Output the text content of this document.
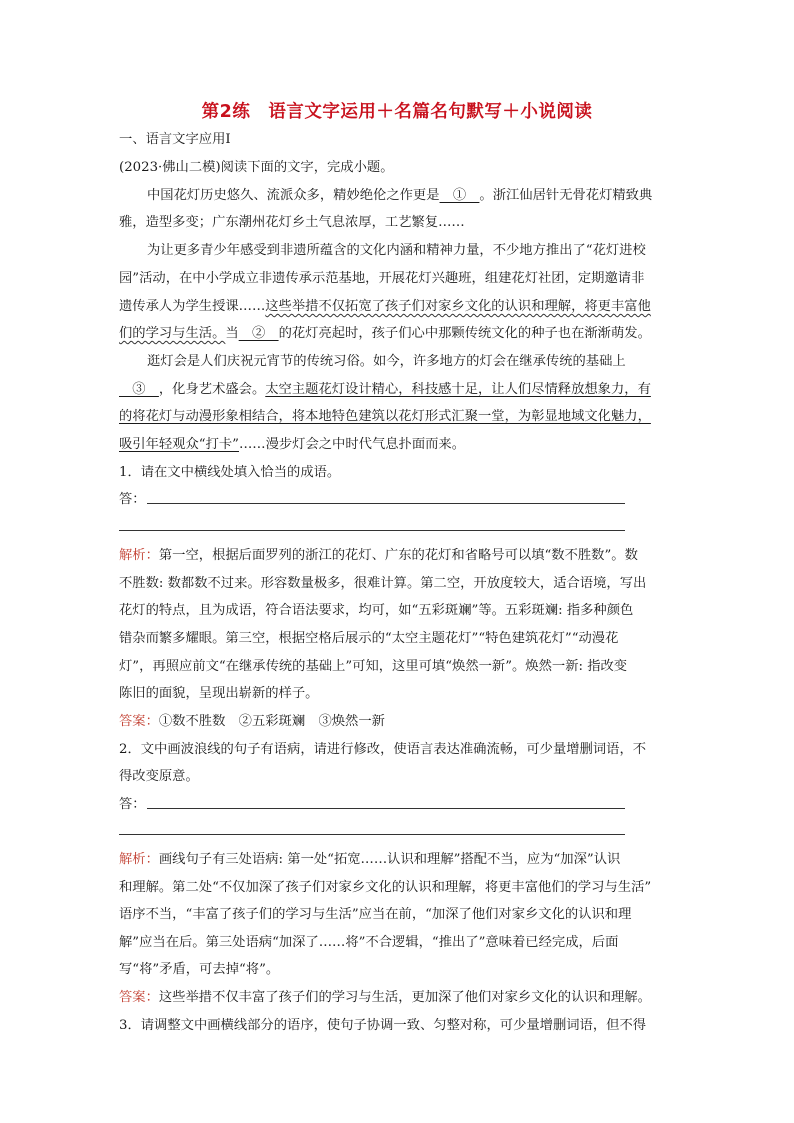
第2练　语言文字运用＋名篇名句默写＋小说阅读
一、语言文字应用Ⅰ
(2023·佛山二模)阅读下面的文字，完成小题。
中国花灯历史悠久、流派众多，精妙绝伦之作更是　①　。浙江仙居针无骨花灯精致典
雅，造型多变；广东潮州花灯乡土气息浓厚，工艺繁复……
为让更多青少年感受到非遗所蕴含的文化内涵和精神力量，不少地方推出了“花灯进校
园”活动，在中小学成立非遗传承示范基地，开展花灯兴趣班，组建花灯社团，定期邀请非
遗传承人为学生授课……这些举措不仅拓宽了孩子们对家乡文化的认识和理解，将更丰富他
们的学习与生活。当　②　的花灯亮起时，孩子们心中那颗传统文化的种子也在渐渐萌发。
逛灯会是人们庆祝元宵节的传统习俗。如今，许多地方的灯会在继承传统的基础上
　③　，化身艺术盛会。太空主题花灯设计精心，科技感十足，让人们尽情释放想象力，有
的将花灯与动漫形象相结合，将本地特色建筑以花灯形式汇聚一堂，为彰显地域文化魅力，
吸引年轻观众“打卡”……漫步灯会之中时代气息扑面而来。
1．请在文中横线处填入恰当的成语。
答：
解析：第一空，根据后面罗列的浙江的花灯、广东的花灯和省略号可以填“数不胜数”。数
不胜数: 数都数不过来。形容数量极多，很难计算。第二空，开放度较大，适合语境，写出
花灯的特点，且为成语，符合语法要求，均可，如“五彩斑斓”等。五彩斑斓: 指多种颜色
错杂而繁多耀眼。第三空，根据空格后展示的“太空主题花灯”“特色建筑花灯”“动漫花
灯”，再照应前文“在继承传统的基础上”可知，这里可填“焕然一新”。焕然一新: 指改变
陈旧的面貌，呈现出崭新的样子。
答案：①数不胜数　②五彩斑斓　③焕然一新
2．文中画波浪线的句子有语病，请进行修改，使语言表达准确流畅，可少量增删词语，不
得改变原意。
答：
解析：画线句子有三处语病: 第一处“拓宽……认识和理解”搭配不当，应为“加深”认识
和理解。第二处“不仅加深了孩子们对家乡文化的认识和理解，将更丰富他们的学习与生活”
语序不当，“丰富了孩子们的学习与生活”应当在前，“加深了他们对家乡文化的认识和理
解”应当在后。第三处语病“加深了……将”不合逻辑，“推出了”意味着已经完成，后面
写“将”矛盾，可去掉“将”。
答案：这些举措不仅丰富了孩子们的学习与生活，更加深了他们对家乡文化的认识和理解。
3．请调整文中画横线部分的语序，使句子协调一致、匀整对称，可少量增删词语，但不得
